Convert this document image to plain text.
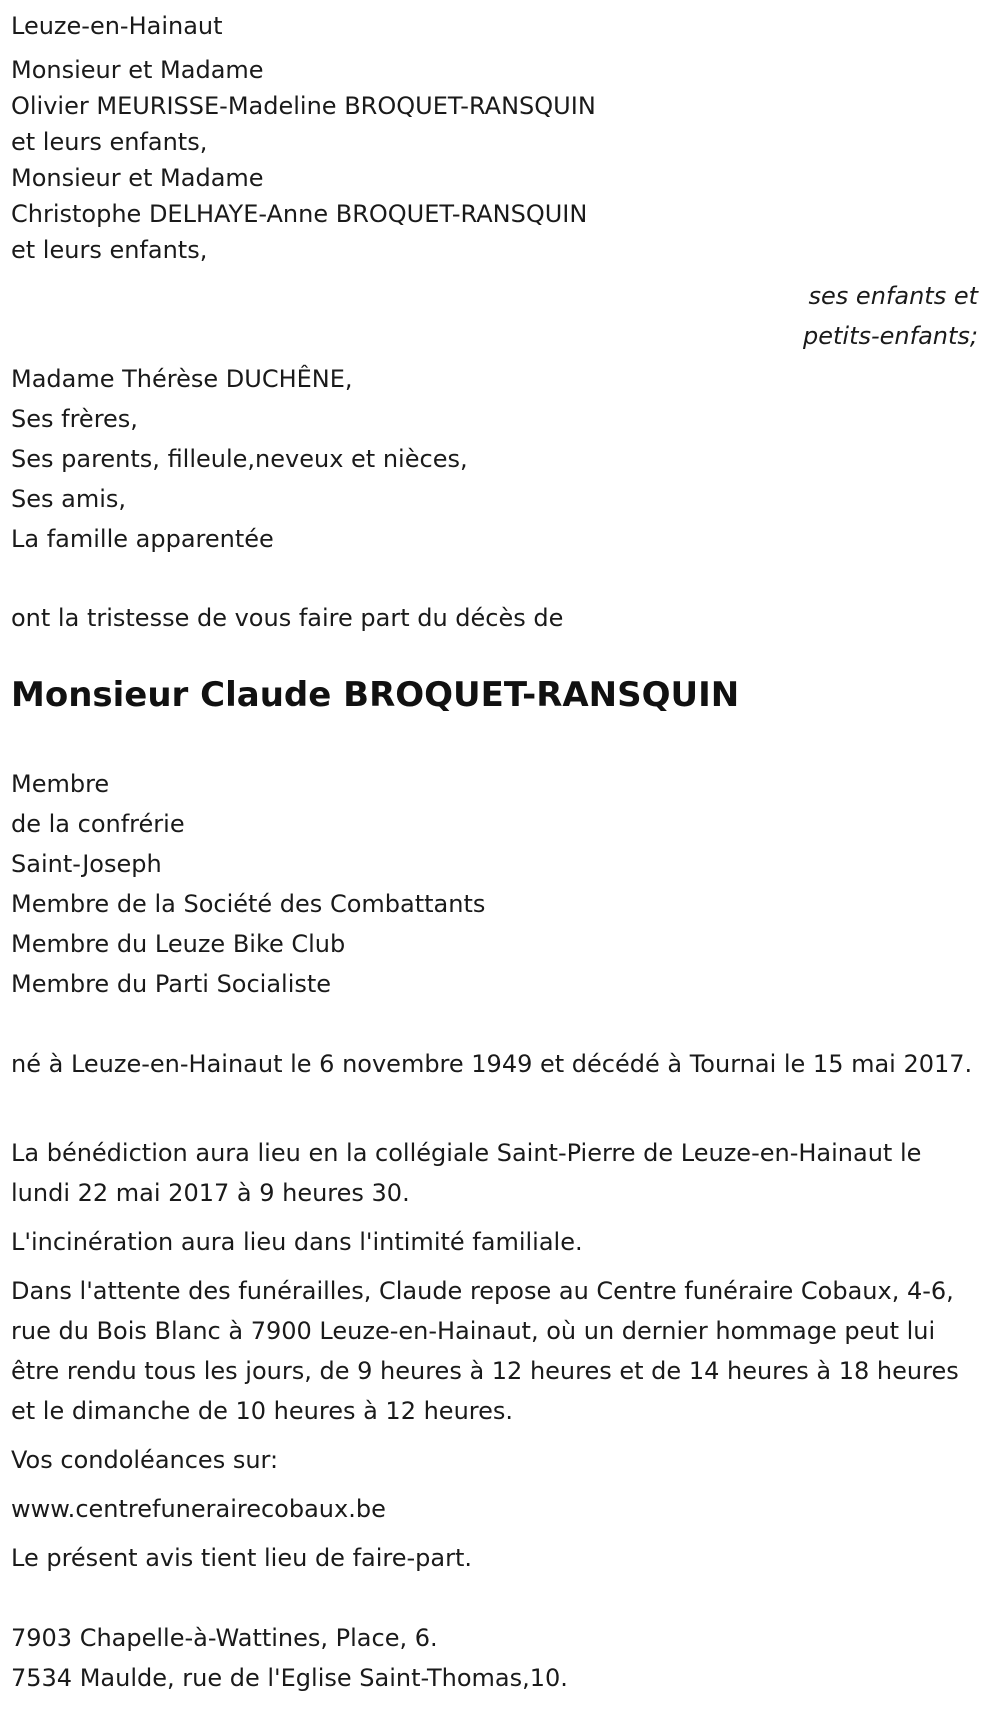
Leuze-en-Hainaut
Monsieur et Madame
Olivier MEURISSE-Madeline BROQUET-RANSQUIN
et leurs enfants,
Monsieur et Madame
Christophe DELHAYE-Anne BROQUET-RANSQUIN
et leurs enfants,
ses enfants et
petits-enfants;
Madame Thérèse DUCHÊNE,
Ses frères,
Ses parents, filleule,neveux et nièces,
Ses amis,
La famille apparentée
ont la tristesse de vous faire part du décès de
Monsieur Claude BROQUET-RANSQUIN
Membre
de la confrérie
Saint-Joseph
Membre de la Société des Combattants
Membre du Leuze Bike Club
Membre du Parti Socialiste
né à Leuze-en-Hainaut le 6 novembre 1949 et décédé à Tournai le 15 mai 2017.
La bénédiction aura lieu en la collégiale Saint-Pierre de Leuze-en-Hainaut le lundi 22 mai 2017 à 9 heures 30.
L'incinération aura lieu dans l'intimité familiale.
Dans l'attente des funérailles, Claude repose au Centre funéraire Cobaux, 4-6, rue du Bois Blanc à 7900 Leuze-en-Hainaut, où un dernier hommage peut lui être rendu tous les jours, de 9 heures à 12 heures et de 14 heures à 18 heures et le dimanche de 10 heures à 12 heures.
Vos condoléances sur:
www.centrefunerairecobaux.be
Le présent avis tient lieu de faire-part.
7903 Chapelle-à-Wattines, Place, 6.
7534 Maulde, rue de l'Eglise Saint-Thomas,10.
